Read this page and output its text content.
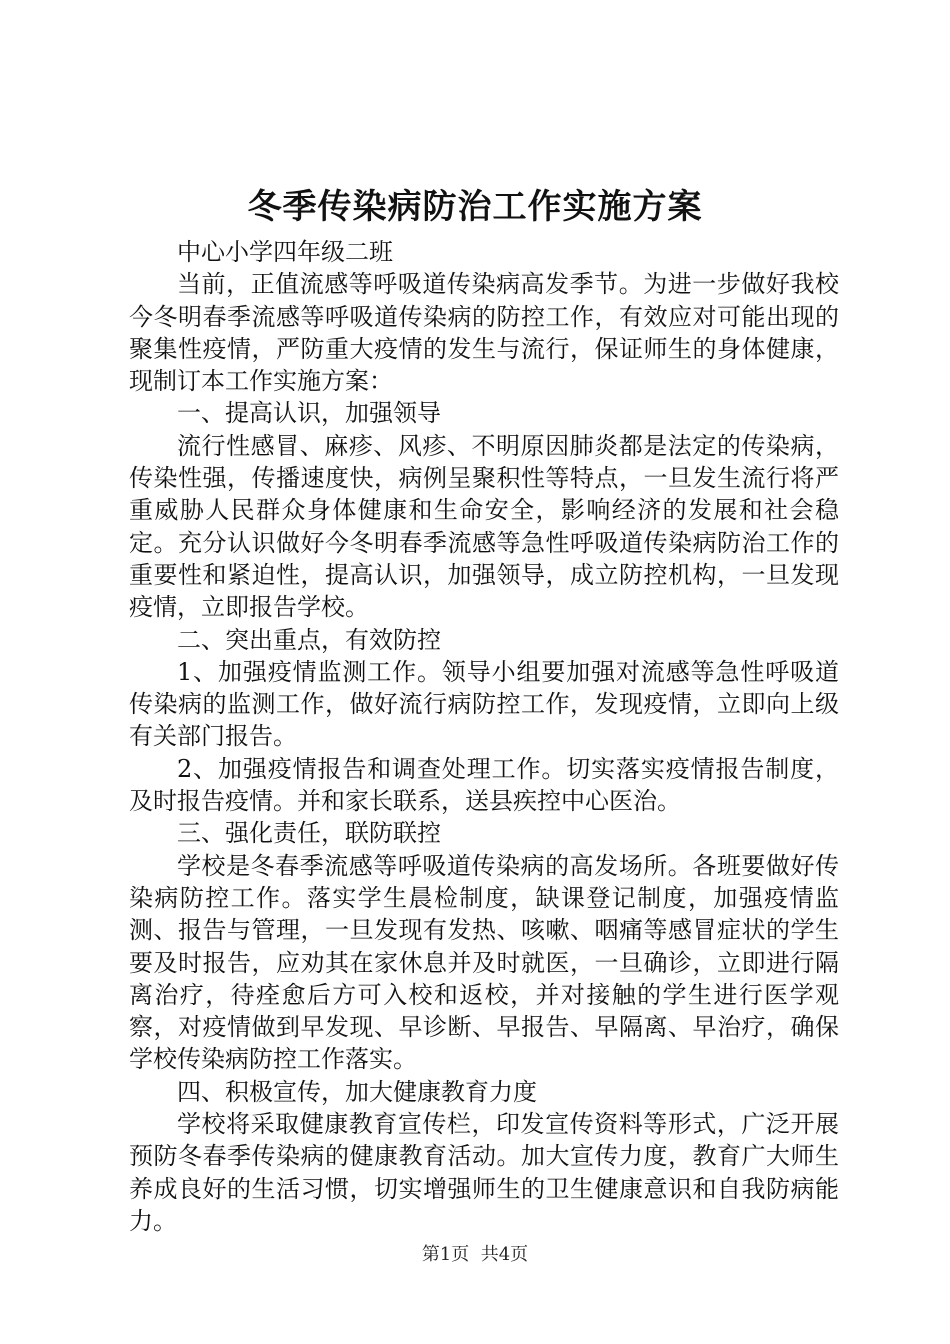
冬季传染病防治工作实施方案

中心小学四年级二班

当前，正值流感等呼吸道传染病高发季节。为进一步做好我校今冬明春季流感等呼吸道传染病的防控工作，有效应对可能出现的聚集性疫情，严防重大疫情的发生与流行，保证师生的身体健康，现制订本工作实施方案：

一、提高认识，加强领导

流行性感冒、麻疹、风疹、不明原因肺炎都是法定的传染病，传染性强，传播速度快，病例呈聚积性等特点，一旦发生流行将严重威胁人民群众身体健康和生命安全，影响经济的发展和社会稳定。充分认识做好今冬明春季流感等急性呼吸道传染病防治工作的重要性和紧迫性，提高认识，加强领导，成立防控机构，一旦发现疫情，立即报告学校。

二、突出重点，有效防控

1、加强疫情监测工作。领导小组要加强对流感等急性呼吸道传染病的监测工作，做好流行病防控工作，发现疫情，立即向上级有关部门报告。

2、加强疫情报告和调查处理工作。切实落实疫情报告制度，及时报告疫情。并和家长联系，送县疾控中心医治。

三、强化责任，联防联控

学校是冬春季流感等呼吸道传染病的高发场所。各班要做好传染病防控工作。落实学生晨检制度，缺课登记制度，加强疫情监测、报告与管理，一旦发现有发热、咳嗽、咽痛等感冒症状的学生要及时报告，应劝其在家休息并及时就医，一旦确诊，立即进行隔离治疗，待痊愈后方可入校和返校，并对接触的学生进行医学观察，对疫情做到早发现、早诊断、早报告、早隔离、早治疗，确保学校传染病防控工作落实。

四、积极宣传，加大健康教育力度

学校将采取健康教育宣传栏，印发宣传资料等形式，广泛开展预防冬春季传染病的健康教育活动。加大宣传力度，教育广大师生养成良好的生活习惯，切实增强师生的卫生健康意识和自我防病能力。

第1页 共4页
